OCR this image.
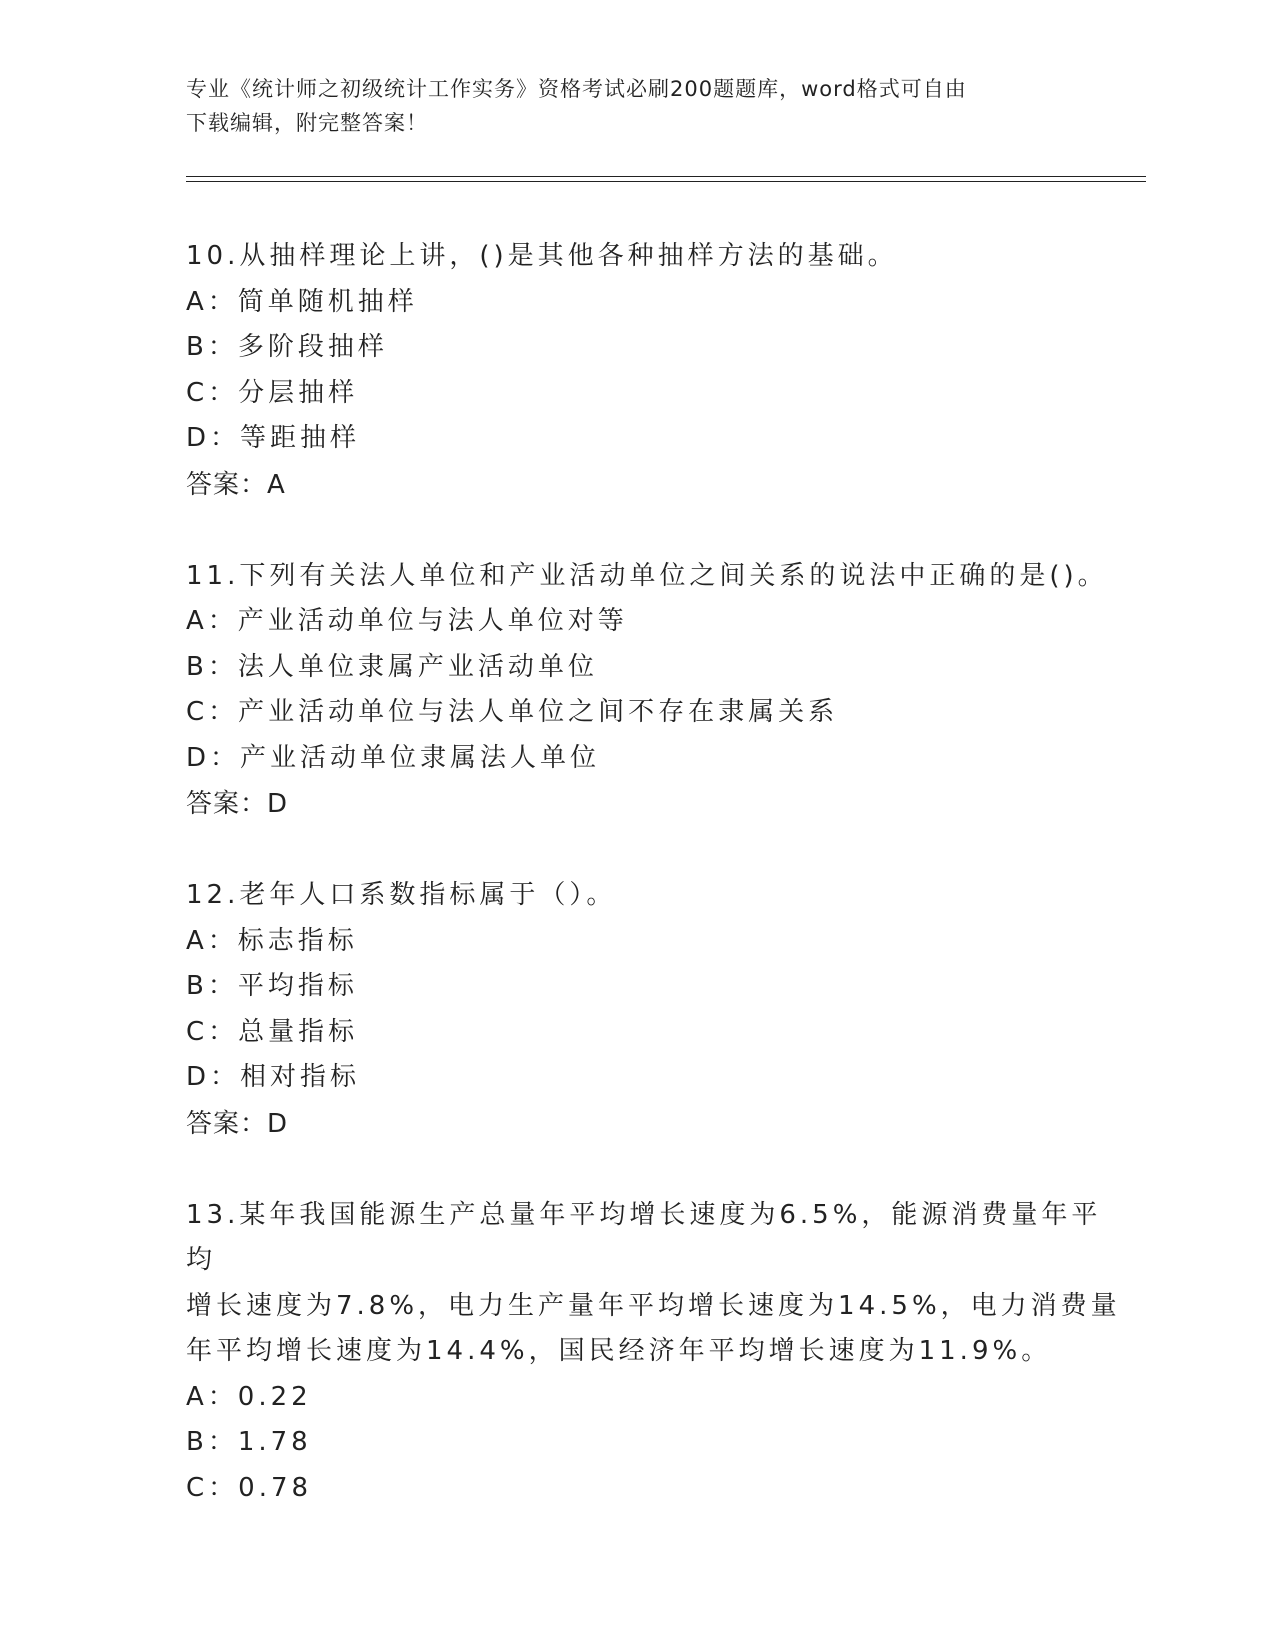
专业《统计师之初级统计工作实务》资格考试必刷200题题库，word格式可自由
下载编辑，附完整答案！
10.从抽样理论上讲，()是其他各种抽样方法的基础。
A：简单随机抽样
B：多阶段抽样
C：分层抽样
D：等距抽样
答案：A
11.下列有关法人单位和产业活动单位之间关系的说法中正确的是()。
A：产业活动单位与法人单位对等
B：法人单位隶属产业活动单位
C：产业活动单位与法人单位之间不存在隶属关系
D：产业活动单位隶属法人单位
答案：D
12.老年人口系数指标属于（）。
A：标志指标
B：平均指标
C：总量指标
D：相对指标
答案：D
13.某年我国能源生产总量年平均增长速度为6.5%，能源消费量年平均
增长速度为7.8%，电力生产量年平均增长速度为14.5%，电力消费量
年平均增长速度为14.4%，国民经济年平均增长速度为11.9%。
A：0.22
B：1.78
C：0.78
